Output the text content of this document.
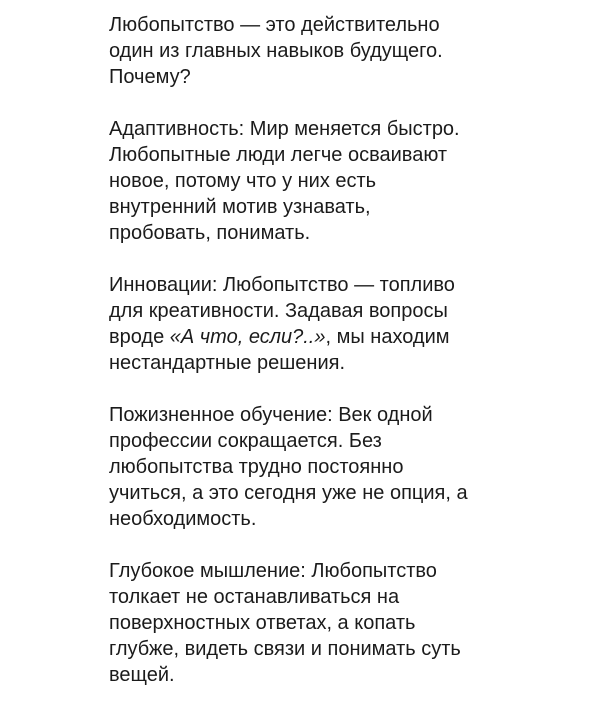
Любопытство — это действительно
один из главных навыков будущего.
Почему?

Адаптивность: Мир меняется быстро.
Любопытные люди легче осваивают
новое, потому что у них есть
внутренний мотив узнавать,
пробовать, понимать.

Инновации: Любопытство — топливо
для креативности. Задавая вопросы
вроде «А что, если?..», мы находим
нестандартные решения.

Пожизненное обучение: Век одной
профессии сокращается. Без
любопытства трудно постоянно
учиться, а это сегодня уже не опция, а
необходимость.

Глубокое мышление: Любопытство
толкает не останавливаться на
поверхностных ответах, а копать
глубже, видеть связи и понимать суть
вещей.
